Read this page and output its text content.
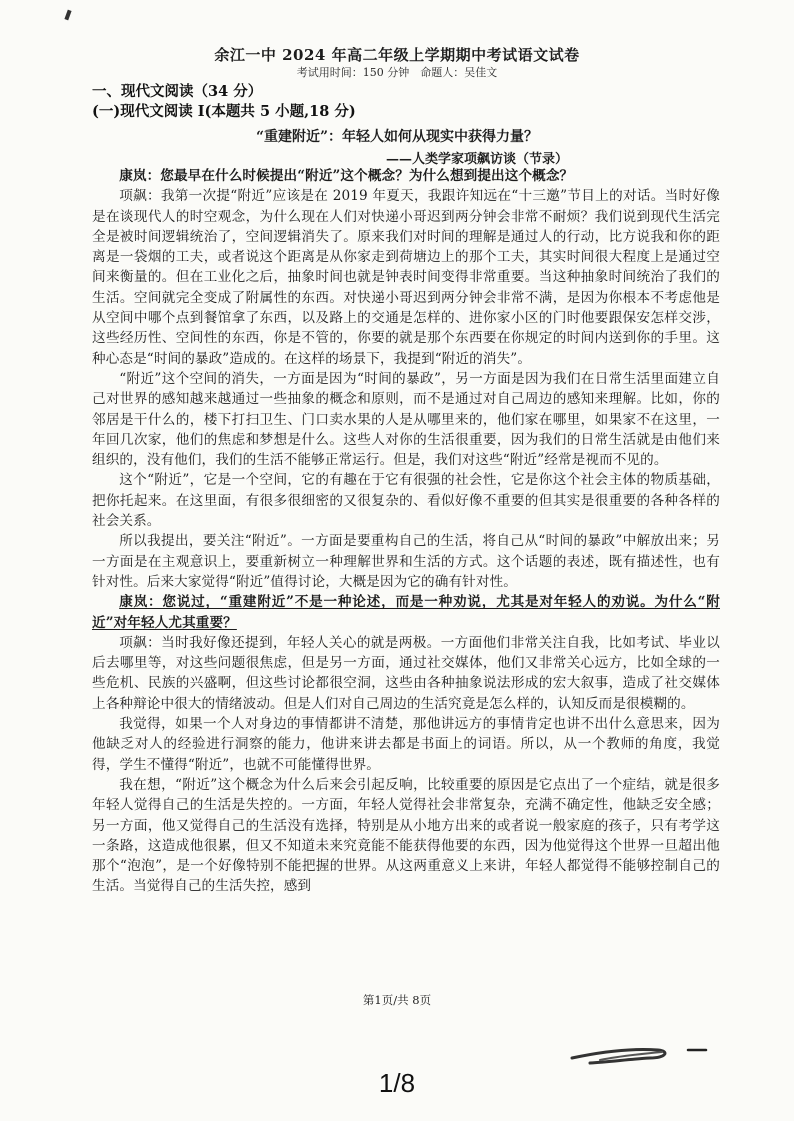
余江一中 2024 年高二年级上学期期中考试语文试卷
考试用时间：150 分钟　命题人：吴佳文
一、现代文阅读（34 分）
(一)现代文阅读 I(本题共 5 小题,18 分)
“重建附近”：年轻人如何从现实中获得力量？
——人类学家项飙访谈（节录）

康岚：您最早在什么时候提出“附近”这个概念？为什么想到提出这个概念？

项飙：我第一次提“附近”应该是在 2019 年夏天，我跟许知远在“十三邀”节目上的对话。当时好像是在谈现代人的时空观念，为什么现在人们对快递小哥迟到两分钟会非常不耐烦？我们说到现代生活完全是被时间逻辑统治了，空间逻辑消失了。原来我们对时间的理解是通过人的行动，比方说我和你的距离是一袋烟的工夫，或者说这个距离是从你家走到荷塘边上的那个工夫，其实时间很大程度上是通过空间来衡量的。但在工业化之后，抽象时间也就是钟表时间变得非常重要。当这种抽象时间统治了我们的生活。空间就完全变成了附属性的东西。对快递小哥迟到两分钟会非常不满，是因为你根本不考虑他是从空间中哪个点到餐馆拿了东西，以及路上的交通是怎样的、进你家小区的门时他要跟保安怎样交涉，这些经历性、空间性的东西，你是不管的，你要的就是那个东西要在你规定的时间内送到你的手里。这种心态是“时间的暴政”造成的。在这样的场景下，我提到“附近的消失”。

“附近”这个空间的消失，一方面是因为“时间的暴政”，另一方面是因为我们在日常生活里面建立自己对世界的感知越来越通过一些抽象的概念和原则，而不是通过对自己周边的感知来理解。比如，你的邻居是干什么的，楼下打扫卫生、门口卖水果的人是从哪里来的，他们家在哪里，如果家不在这里，一年回几次家，他们的焦虑和梦想是什么。这些人对你的生活很重要，因为我们的日常生活就是由他们来组织的，没有他们，我们的生活不能够正常运行。但是，我们对这些“附近”经常是视而不见的。

这个“附近”，它是一个空间，它的有趣在于它有很强的社会性，它是你这个社会主体的物质基础，把你托起来。在这里面，有很多很细密的又很复杂的、看似好像不重要的但其实是很重要的各种各样的社会关系。

所以我提出，要关注“附近”。一方面是要重构自己的生活，将自己从“时间的暴政”中解放出来；另一方面是在主观意识上，要重新树立一种理解世界和生活的方式。这个话题的表述，既有描述性，也有针对性。后来大家觉得“附近”值得讨论，大概是因为它的确有针对性。

康岚：您说过，“重建附近”不是一种论述，而是一种劝说，尤其是对年轻人的劝说。为什么“附近”对年轻人尤其重要？

项飙：当时我好像还提到，年轻人关心的就是两极。一方面他们非常关注自我，比如考试、毕业以后去哪里等，对这些问题很焦虑，但是另一方面，通过社交媒体，他们又非常关心远方，比如全球的一些危机、民族的兴盛啊，但这些讨论都很空洞，这些由各种抽象说法形成的宏大叙事，造成了社交媒体上各种辩论中很大的情绪波动。但是人们对自己周边的生活究竟是怎么样的，认知反而是很模糊的。

我觉得，如果一个人对身边的事情都讲不清楚，那他讲远方的事情肯定也讲不出什么意思来，因为他缺乏对人的经验进行洞察的能力，他讲来讲去都是书面上的词语。所以，从一个教师的角度，我觉得，学生不懂得“附近”，也就不可能懂得世界。

我在想，“附近”这个概念为什么后来会引起反响，比较重要的原因是它点出了一个症结，就是很多年轻人觉得自己的生活是失控的。一方面，年轻人觉得社会非常复杂，充满不确定性，他缺乏安全感；另一方面，他又觉得自己的生活没有选择，特别是从小地方出来的或者说一般家庭的孩子，只有考学这一条路，这造成他很累，但又不知道未来究竟能不能获得他要的东西，因为他觉得这个世界一旦超出他那个“泡泡”，是一个好像特别不能把握的世界。从这两重意义上来讲，年轻人都觉得不能够控制自己的生活。当觉得自己的生活失控，感到

第1页/共 8页
1/8
